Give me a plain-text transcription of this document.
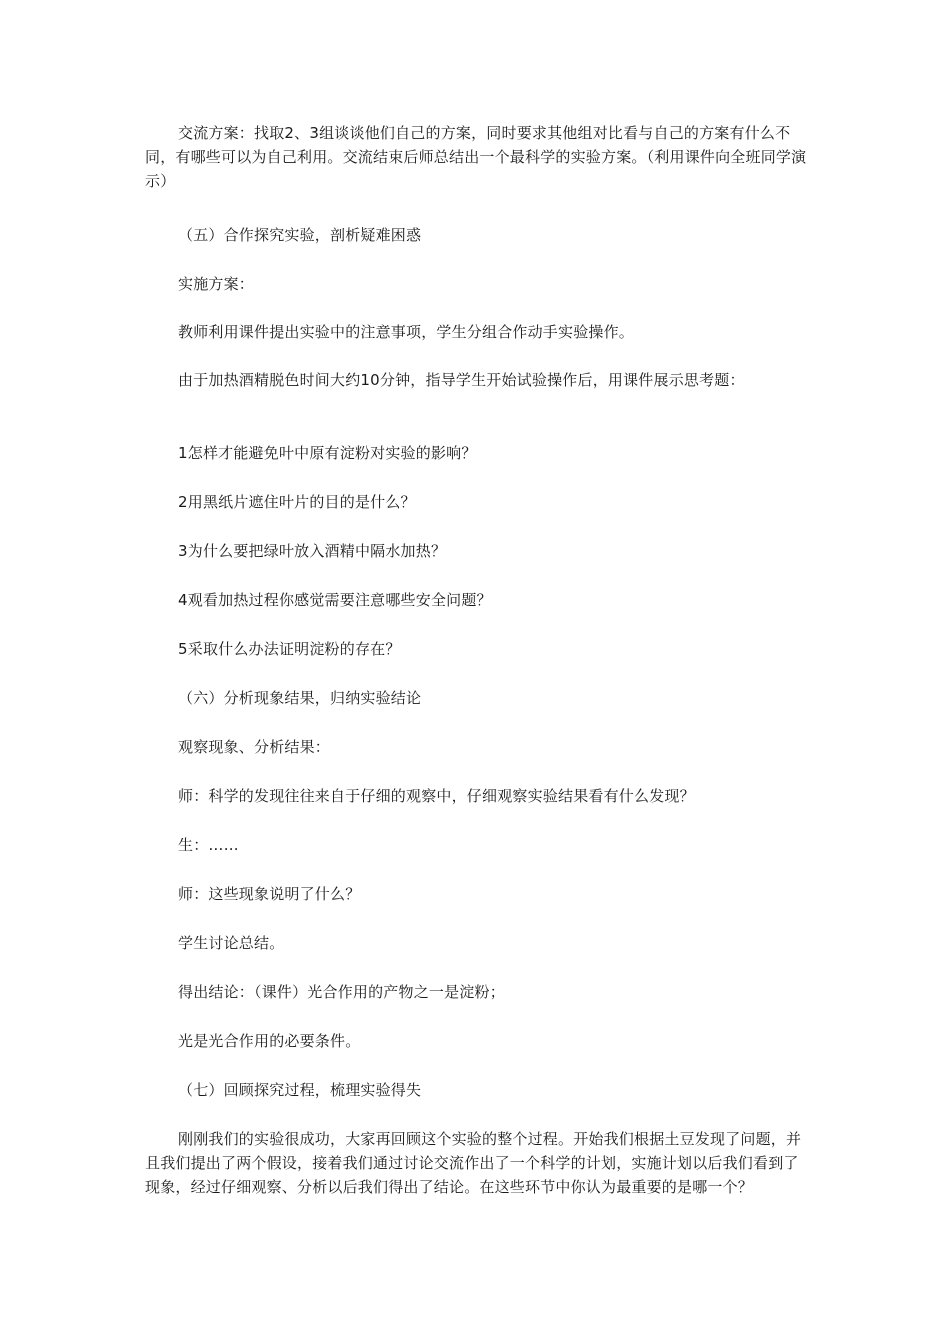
交流方案：找取2、3组谈谈他们自己的方案，同时要求其他组对比看与自己的方案有什么不同，有哪些可以为自己利用。交流结束后师总结出一个最科学的实验方案。（利用课件向全班同学演示）

（五）合作探究实验，剖析疑难困惑

实施方案：

教师利用课件提出实验中的注意事项，学生分组合作动手实验操作。

由于加热酒精脱色时间大约10分钟，指导学生开始试验操作后，用课件展示思考题：

1怎样才能避免叶中原有淀粉对实验的影响？

2用黑纸片遮住叶片的目的是什么？

3为什么要把绿叶放入酒精中隔水加热？

4观看加热过程你感觉需要注意哪些安全问题？

5采取什么办法证明淀粉的存在？

（六）分析现象结果，归纳实验结论

观察现象、分析结果：

师：科学的发现往往来自于仔细的观察中，仔细观察实验结果看有什么发现？

生：……

师：这些现象说明了什么？

学生讨论总结。

得出结论：（课件）光合作用的产物之一是淀粉；

光是光合作用的必要条件。

（七）回顾探究过程，梳理实验得失

刚刚我们的实验很成功，大家再回顾这个实验的整个过程。开始我们根据土豆发现了问题，并且我们提出了两个假设，接着我们通过讨论交流作出了一个科学的计划，实施计划以后我们看到了现象，经过仔细观察、分析以后我们得出了结论。在这些环节中你认为最重要的是哪一个？
